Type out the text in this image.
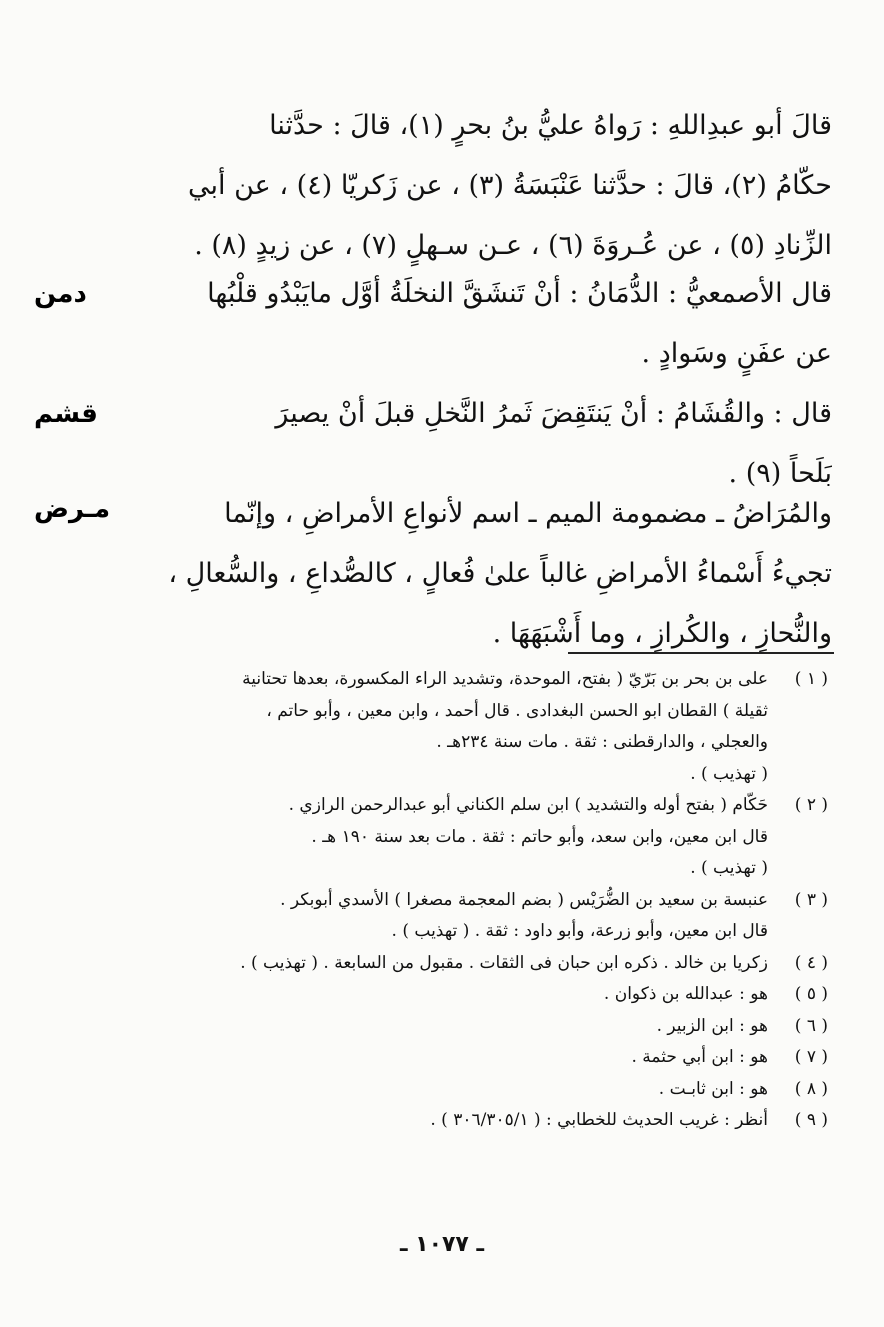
قالَ أبو عبدِاللهِ : رَواهُ عليُّ بنُ بحرٍ (١)، قالَ : حدَّثنا
حكّامُ (٢)، قالَ : حدَّثنا عَنْبَسَةُ (٣) ، عن زَكريّا (٤) ، عن أبي
الزِّنادِ (٥) ، عن عُـروَةَ (٦) ، عـن سـهلٍ (٧) ، عن زيدٍ (٨) .
قال الأصمعيُّ : الدُّمَانُ : أنْ تَنشَقَّ النخلَةُ أوَّل مايَبْدُو قلْبُها
عن عفَنٍ وسَوادٍ .
دمن
قال : والقُشَامُ : أنْ يَنتَقِضَ ثَمرُ النَّخلِ قبلَ أنْ يصيرَ
بَلَحاً (٩) .
قشم
والمُرَاضُ ـ مضمومة الميم ـ اسم لأنواعِ الأمراضِ ، وإنّما
تجيءُ أَسْماءُ الأمراضِ غالباً علىٰ فُعالٍ ، كالصُّداعِ ، والسُّعالِ ،
والنُّحازِ ، والكُرازِ ، وما أَشْبَهَهَا .
مـرض
( ١ )
على بن بحر بن بَرّيّ ( بفتح، الموحدة، وتشديد الراء المكسورة، بعدها تحتانية
ثقيلة ) القطان ابو الحسن البغدادى . قال أحمد ، وابن معين ، وأبو حاتم ،
والعجلي ، والدارقطنى : ثقة . مات سنة ٢٣٤هـ .
( تهذيب ) .
( ٢ )
حَكّام ( بفتح أوله والتشديد ) ابن سلم الكناني أبو عبدالرحمن الرازي .
قال ابن معين، وابن سعد، وأبو حاتم : ثقة . مات بعد سنة ١٩٠ هـ .
( تهذيب ) .
( ٣ )
عنبسة بن سعيد بن الضُّرَيْس ( بضم المعجمة مصغرا ) الأسدي أبوبكر .
قال ابن معين، وأبو زرعة، وأبو داود : ثقة . ( تهذيب ) .
( ٤ )
زكريا بن خالد . ذكره ابن حبان فى الثقات . مقبول من السابعة . ( تهذيب ) .
( ٥ )
هو : عبدالله بن ذكوان .
( ٦ )
هو : ابن الزبير .
( ٧ )
هو : ابن أبي حثمة .
( ٨ )
هو : ابن ثابـت .
( ٩ )
أنظر : غريب الحديث للخطابي : ( ٣٠٦/٣٠٥/١ ) .
ـ ١٠٧٧ ـ
